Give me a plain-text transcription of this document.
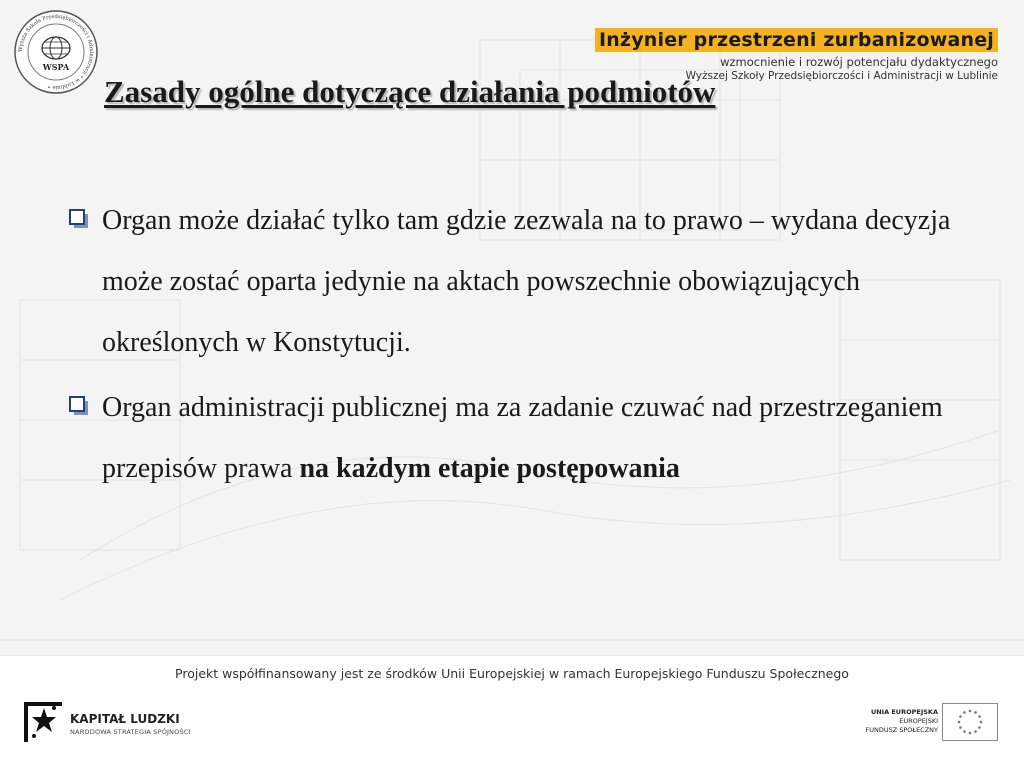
WSPA
Wyższa Szkoła Przedsiębiorczości i Administracji • w Lublinie •
Inżynier przestrzeni zurbanizowanej
wzmocnienie i rozwój potencjału dydaktycznego
Wyższej Szkoły Przedsiębiorczości i Administracji w Lublinie
Zasady ogólne dotyczące działania podmiotów
Organ może działać tylko tam gdzie zezwala na to prawo – wydana decyzja może zostać oparta jedynie na aktach powszechnie obowiązujących określonych w Konstytucji.
Organ administracji publicznej ma za zadanie czuwać nad przestrzeganiem przepisów prawa na każdym etapie postępowania
Projekt współfinansowany jest ze środków Unii Europejskiej w ramach Europejskiego Funduszu Społecznego
KAPITAŁ LUDZKI
NARODOWA STRATEGIA SPÓJNOŚCI
UNIA EUROPEJSKA
EUROPEJSKI
FUNDUSZ SPOŁECZNY
